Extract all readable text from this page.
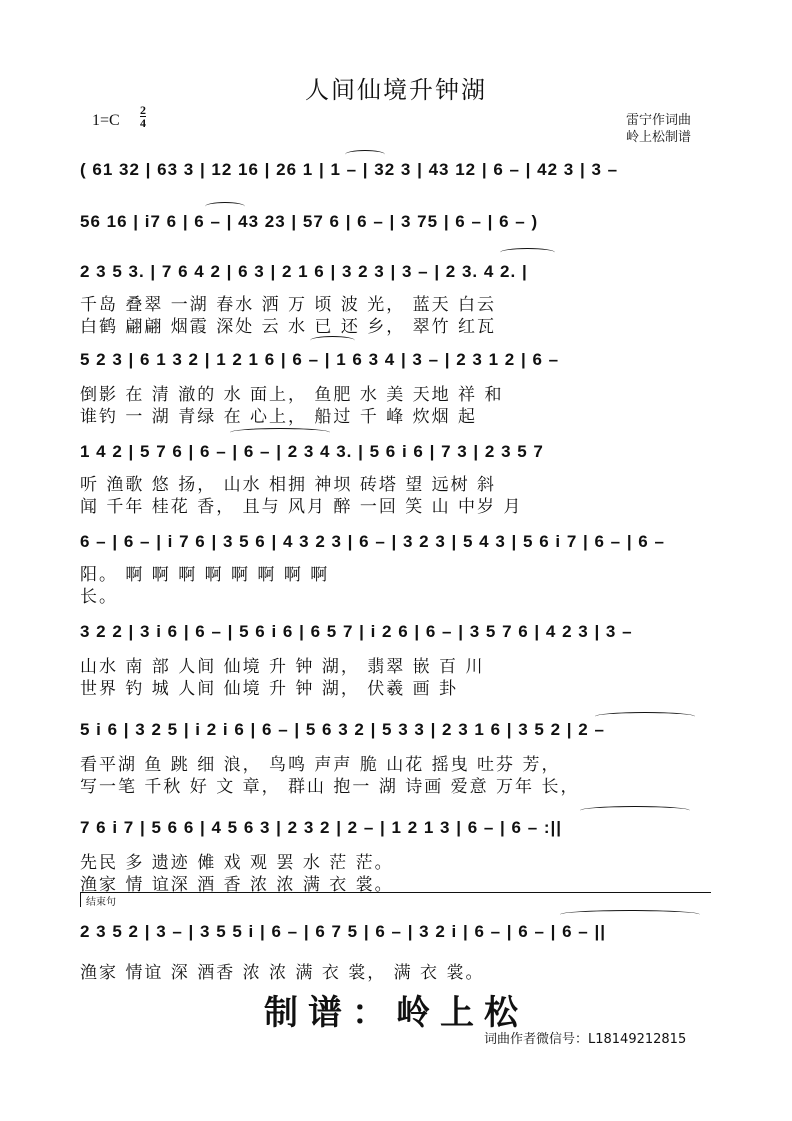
人间仙境升钟湖
1=C
2
4	雷宁作词曲
岭上松制谱
( 61 32 | 63 3 | 12 16 | 26 1 | 1 – | 32 3 | 43 12 | 6 – | 42 3 | 3 –
56 16 | i7 6 | 6 – | 43 23 | 57 6 | 6 – | 3 75 | 6 – | 6 – )
2 3 5 3. | 7 6 4 2 | 6 3 | 2 1 6 | 3 2 3 | 3 – | 2 3. 4 2. |
千岛 叠翠 一湖 春水 洒 万 顷 波 光， 蓝天 白云
白鹤 翩翩 烟霞 深处 云 水 已 还 乡， 翠竹 红瓦
5 2 3 | 6 1 3 2 | 1 2 1 6 | 6 – | 1 6 3 4 | 3 – | 2 3 1 2 | 6 –
倒影 在 清 澈的 水 面上， 鱼肥 水 美 天地 祥 和
谁钓 一 湖 青绿 在 心上， 船过 千 峰 炊烟 起
1 4 2 | 5 7 6 | 6 – | 6 – | 2 3 4 3. | 5 6 i 6 | 7 3 | 2 3 5 7
听 渔歌 悠 扬， 山水 相拥 神坝 砖塔 望 远树 斜
闻 千年 桂花 香， 且与 风月 醉 一回 笑 山 中岁 月
6 – | 6 – | i 7 6 | 3 5 6 | 4 3 2 3 | 6 – | 3 2 3 | 5 4 3 | 5 6 i 7 | 6 – | 6 –
阳。 啊 啊 啊 啊 啊 啊 啊 啊
长。
3 2 2 | 3 i 6 | 6 – | 5 6 i 6 | 6 5 7 | i 2 6 | 6 – | 3 5 7 6 | 4 2 3 | 3 –
山水 南 部 人间 仙境 升 钟 湖， 翡翠 嵌 百 川
世界 钓 城 人间 仙境 升 钟 湖， 伏羲 画 卦
5 i 6 | 3 2 5 | i 2 i 6 | 6 – | 5 6 3 2 | 5 3 3 | 2 3 1 6 | 3 5 2 | 2 –
看平湖 鱼 跳 细 浪， 鸟鸣 声声 脆 山花 摇曳 吐芬 芳，
写一笔 千秋 好 文 章， 群山 抱一 湖 诗画 爱意 万年 长，
7 6 i 7 | 5 6 6 | 4 5 6 3 | 2 3 2 | 2 – | 1 2 1 3 | 6 – | 6 – :||
先民 多 遗迹 傩 戏 观 罢 水 茫 茫。
渔家 情 谊深 酒 香 浓 浓 满 衣 裳。
结束句
2 3 5 2 | 3 – | 3 5 5 i | 6 – | 6 7 5 | 6 – | 3 2 i | 6 – | 6 – | 6 – ||
渔家 情谊 深 酒香 浓 浓 满 衣 裳， 满 衣 裳。
制谱：岭上松
词曲作者微信号：L18149212815
